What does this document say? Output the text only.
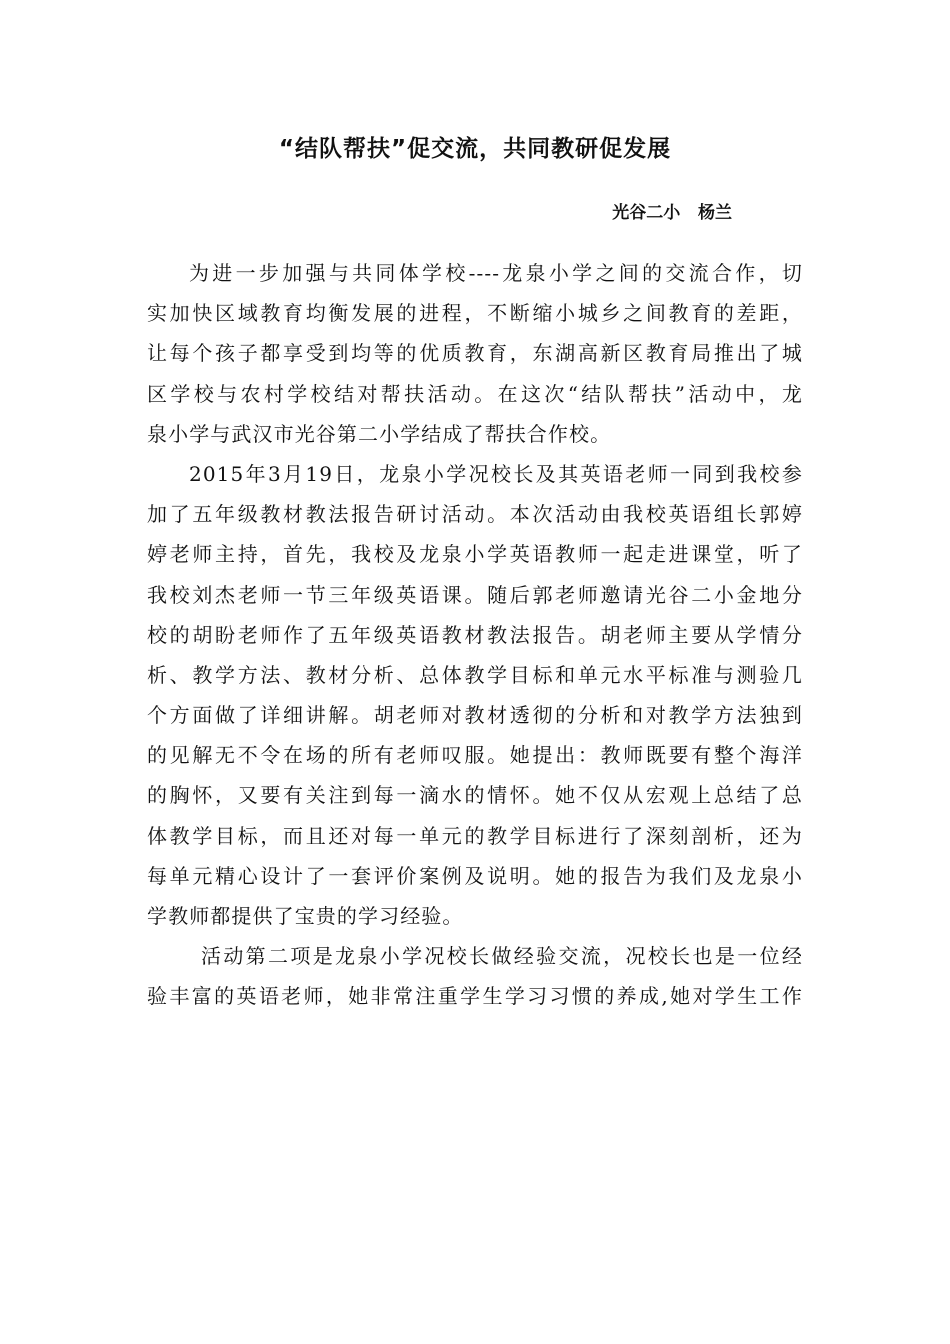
“结队帮扶”促交流，共同教研促发展
光谷二小   杨兰
为进一步加强与共同体学校----龙泉小学之间的交流合作，切
实加快区域教育均衡发展的进程，不断缩小城乡之间教育的差距，
让每个孩子都享受到均等的优质教育，东湖高新区教育局推出了城
区学校与农村学校结对帮扶活动。在这次“结队帮扶”活动中，龙
泉小学与武汉市光谷第二小学结成了帮扶合作校。
2015年3月19日，龙泉小学况校长及其英语老师一同到我校参
加了五年级教材教法报告研讨活动。本次活动由我校英语组长郭婷
婷老师主持，首先，我校及龙泉小学英语教师一起走进课堂，听了
我校刘杰老师一节三年级英语课。随后郭老师邀请光谷二小金地分
校的胡盼老师作了五年级英语教材教法报告。胡老师主要从学情分
析、教学方法、教材分析、总体教学目标和单元水平标准与测验几
个方面做了详细讲解。胡老师对教材透彻的分析和对教学方法独到
的见解无不令在场的所有老师叹服。她提出：教师既要有整个海洋
的胸怀，又要有关注到每一滴水的情怀。她不仅从宏观上总结了总
体教学目标，而且还对每一单元的教学目标进行了深刻剖析，还为
每单元精心设计了一套评价案例及说明。她的报告为我们及龙泉小
学教师都提供了宝贵的学习经验。
活动第二项是龙泉小学况校长做经验交流，况校长也是一位经
验丰富的英语老师，她非常注重学生学习习惯的养成,她对学生工作
